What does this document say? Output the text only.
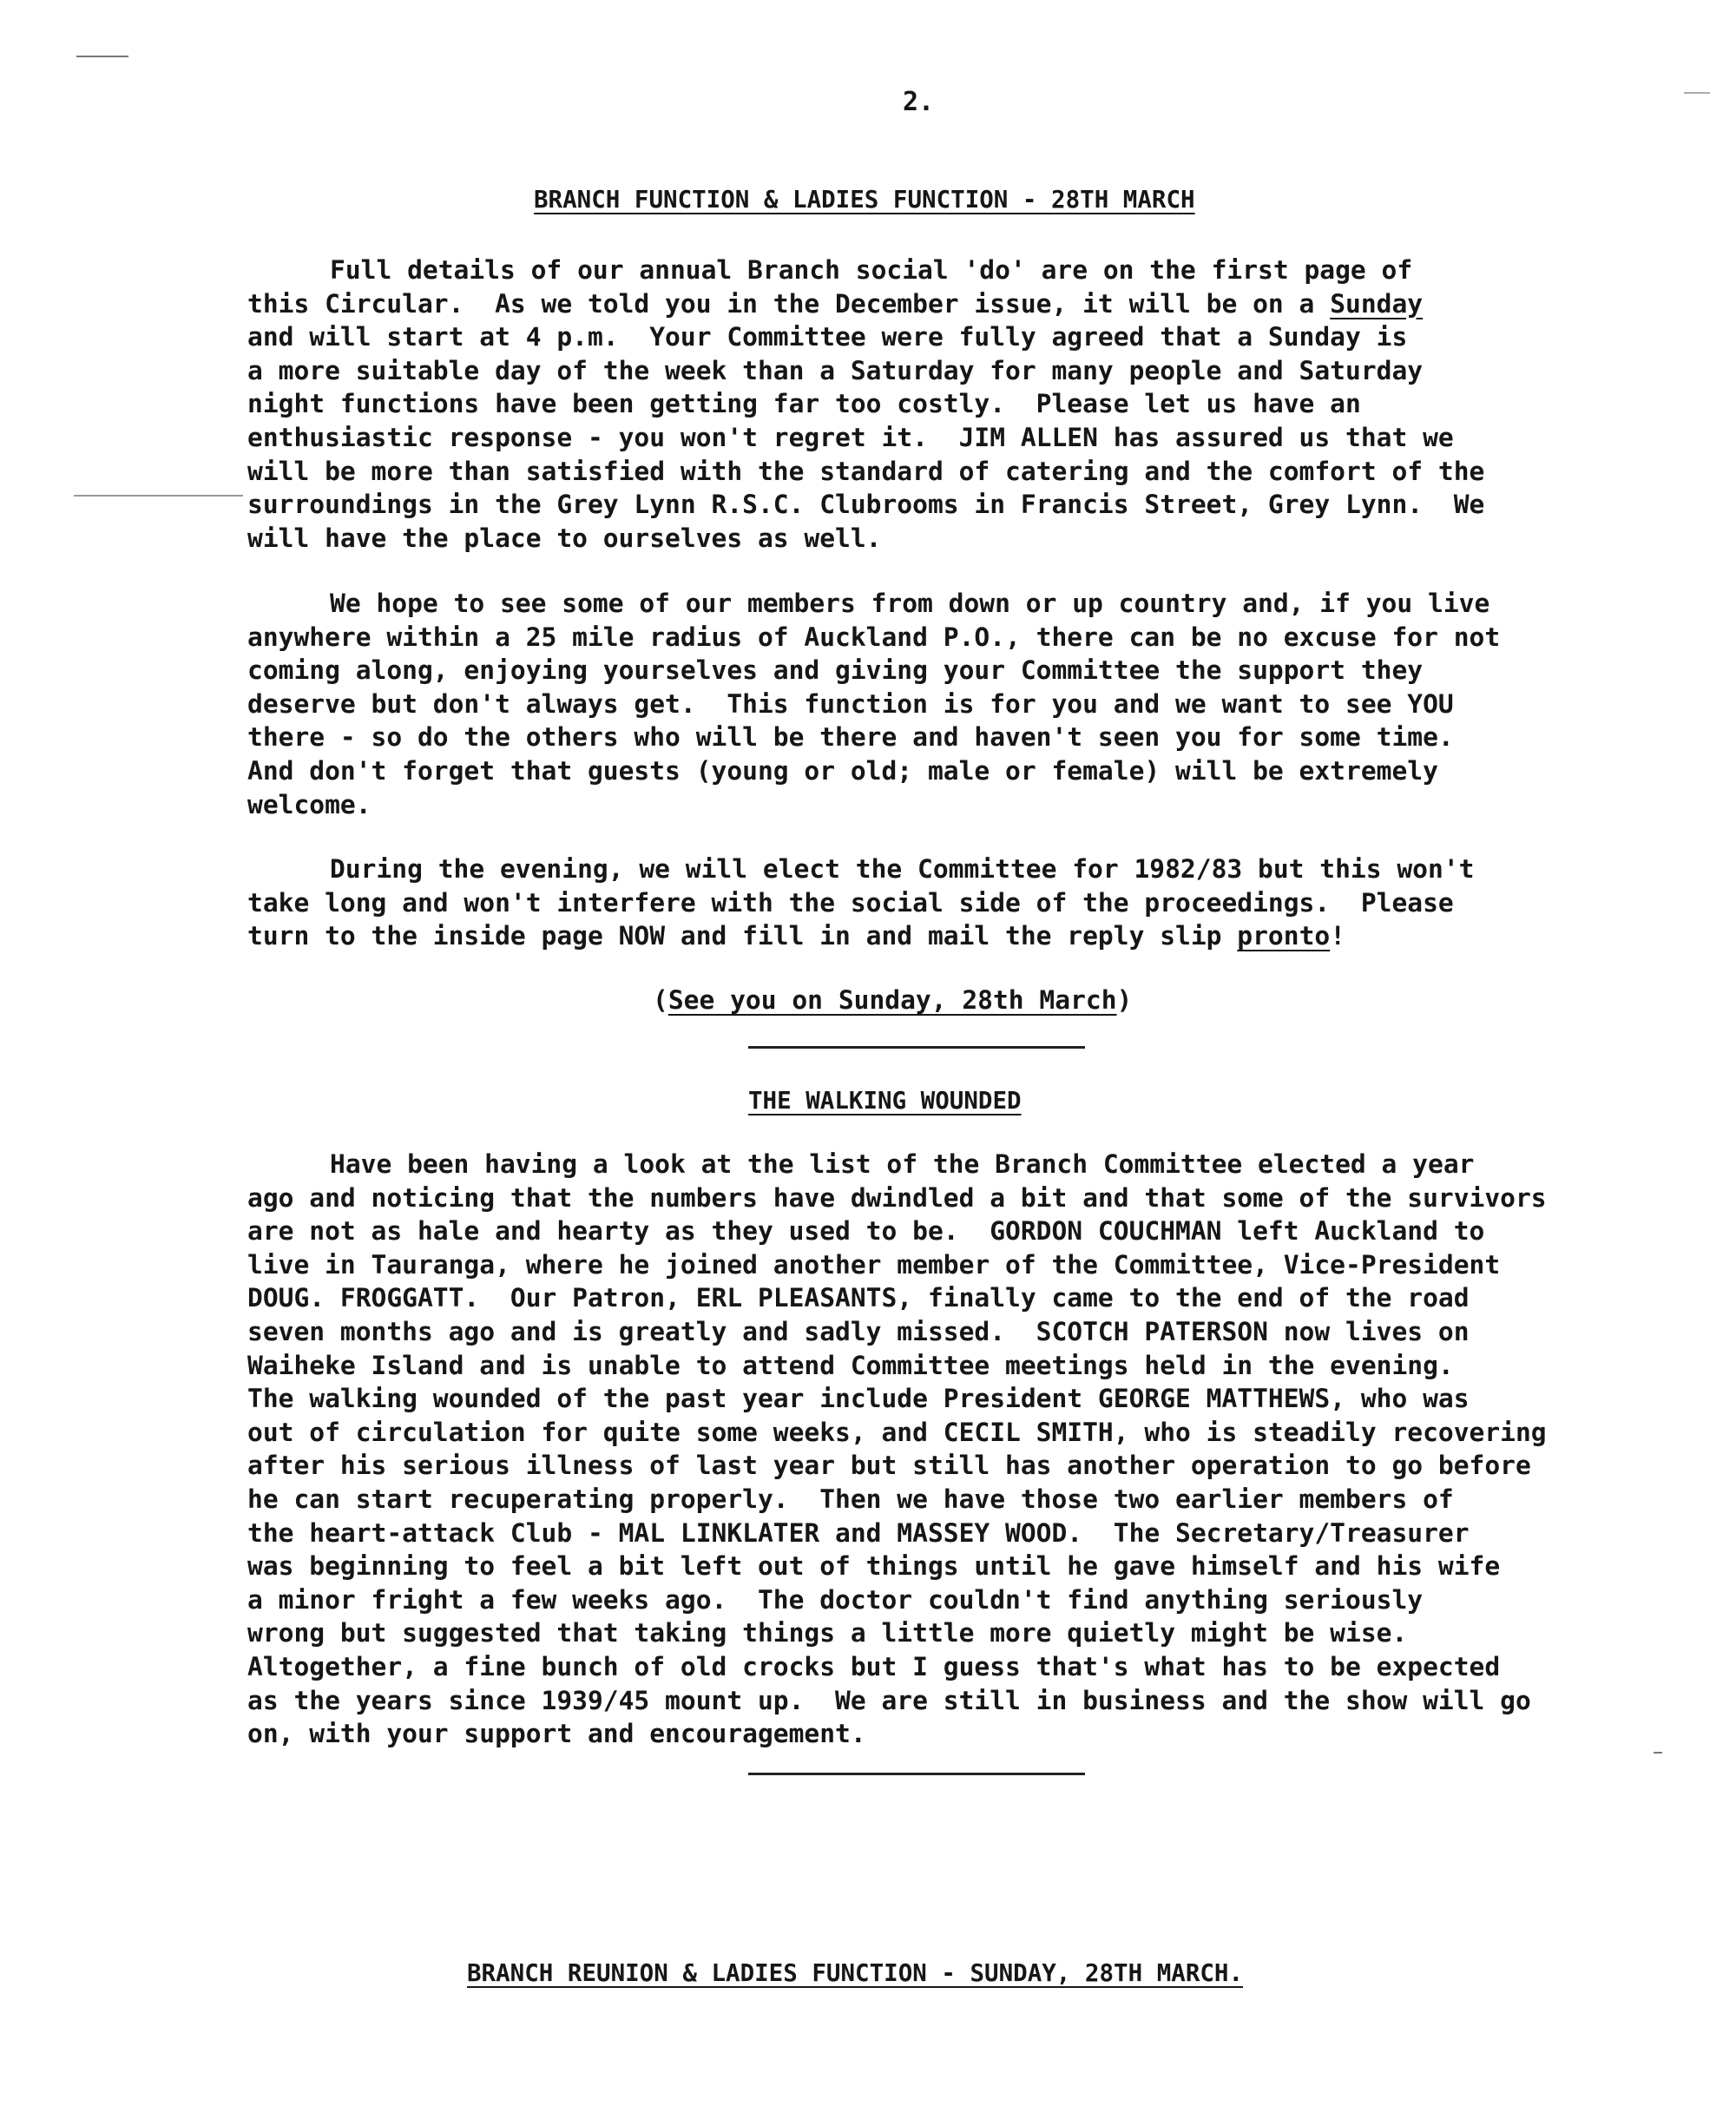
2.
BRANCH FUNCTION & LADIES FUNCTION - 28TH MARCH
Full details of our annual Branch social 'do' are on the first page of
this Circular.  As we told you in the December issue, it will be on a Sunday
and will start at 4 p.m.  Your Committee were fully agreed that a Sunday is
a more suitable day of the week than a Saturday for many people and Saturday
night functions have been getting far too costly.  Please let us have an
enthusiastic response - you won't regret it.  JIM ALLEN has assured us that we
will be more than satisfied with the standard of catering and the comfort of the
surroundings in the Grey Lynn R.S.C. Clubrooms in Francis Street, Grey Lynn.  We
will have the place to ourselves as well.
We hope to see some of our members from down or up country and, if you live
anywhere within a 25 mile radius of Auckland P.O., there can be no excuse for not
coming along, enjoying yourselves and giving your Committee the support they
deserve but don't always get.  This function is for you and we want to see YOU
there - so do the others who will be there and haven't seen you for some time.
And don't forget that guests (young or old; male or female) will be extremely
welcome.
During the evening, we will elect the Committee for 1982/83 but this won't
take long and won't interfere with the social side of the proceedings.  Please
turn to the inside page NOW and fill in and mail the reply slip pronto!
(See you on Sunday, 28th March)
THE WALKING WOUNDED
Have been having a look at the list of the Branch Committee elected a year
ago and noticing that the numbers have dwindled a bit and that some of the survivors
are not as hale and hearty as they used to be.  GORDON COUCHMAN left Auckland to
live in Tauranga, where he joined another member of the Committee, Vice-President
DOUG. FROGGATT.  Our Patron, ERL PLEASANTS, finally came to the end of the road
seven months ago and is greatly and sadly missed.  SCOTCH PATERSON now lives on
Waiheke Island and is unable to attend Committee meetings held in the evening.
The walking wounded of the past year include President GEORGE MATTHEWS, who was
out of circulation for quite some weeks, and CECIL SMITH, who is steadily recovering
after his serious illness of last year but still has another operation to go before
he can start recuperating properly.  Then we have those two earlier members of
the heart-attack Club - MAL LINKLATER and MASSEY WOOD.  The Secretary/Treasurer
was beginning to feel a bit left out of things until he gave himself and his wife
a minor fright a few weeks ago.  The doctor couldn't find anything seriously
wrong but suggested that taking things a little more quietly might be wise.
Altogether, a fine bunch of old crocks but I guess that's what has to be expected
as the years since 1939/45 mount up.  We are still in business and the show will go
on, with your support and encouragement.
BRANCH REUNION & LADIES FUNCTION - SUNDAY, 28TH MARCH.
